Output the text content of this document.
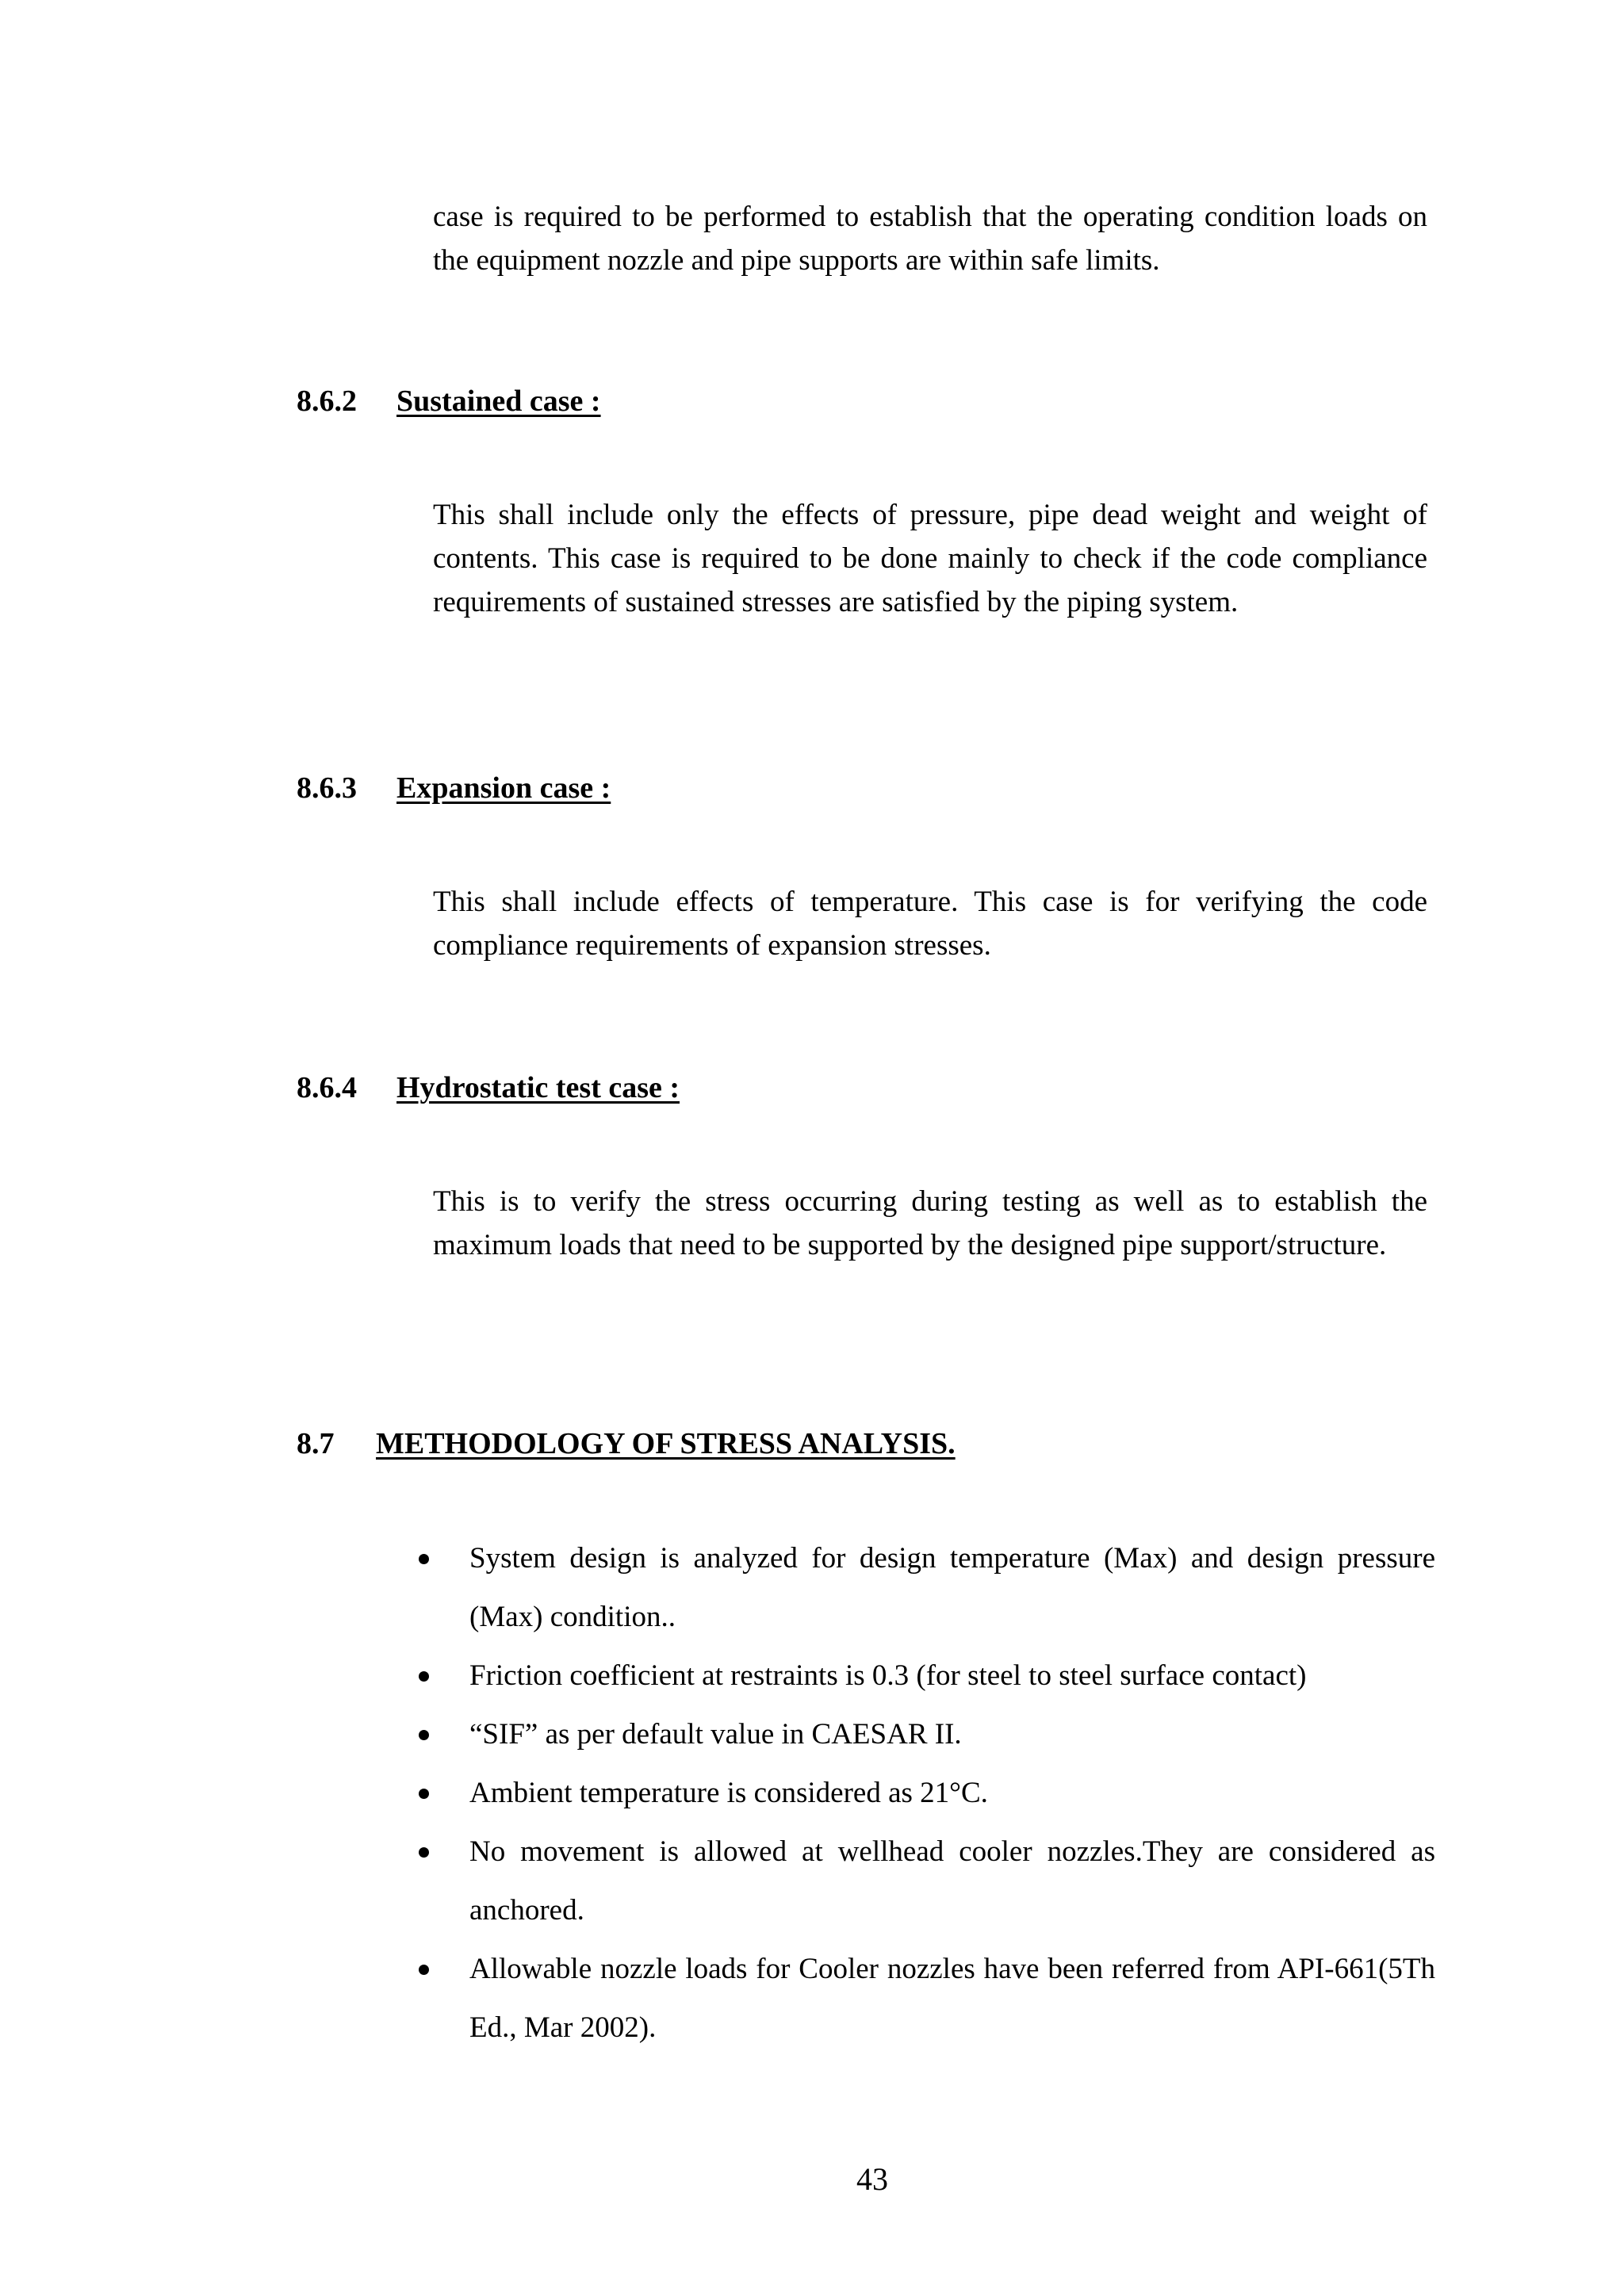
case is required to be performed to establish that the operating condition loads on the equipment nozzle and pipe supports are within safe limits.

8.6.2 Sustained case :

This shall include only the effects of pressure, pipe dead weight and weight of contents. This case is required to be done mainly to check if the code compliance requirements of sustained stresses are satisfied by the piping system.

8.6.3 Expansion case :

This shall include effects of temperature. This case is for verifying the code compliance requirements of expansion stresses.

8.6.4 Hydrostatic test case :

This is to verify the stress occurring during testing as well as to establish the maximum loads that need to be supported by the designed pipe support/structure.

8.7 METHODOLOGY OF STRESS ANALYSIS.
System design is analyzed for design temperature (Max) and design pressure (Max) condition..
Friction coefficient at restraints is 0.3 (for steel to steel surface contact)
“SIF” as per default value in CAESAR II.
Ambient temperature is considered as 21°C.
No movement is allowed at wellhead cooler nozzles.They are considered as anchored.
Allowable nozzle loads for Cooler nozzles have been referred from API-661(5Th Ed., Mar 2002).
43
